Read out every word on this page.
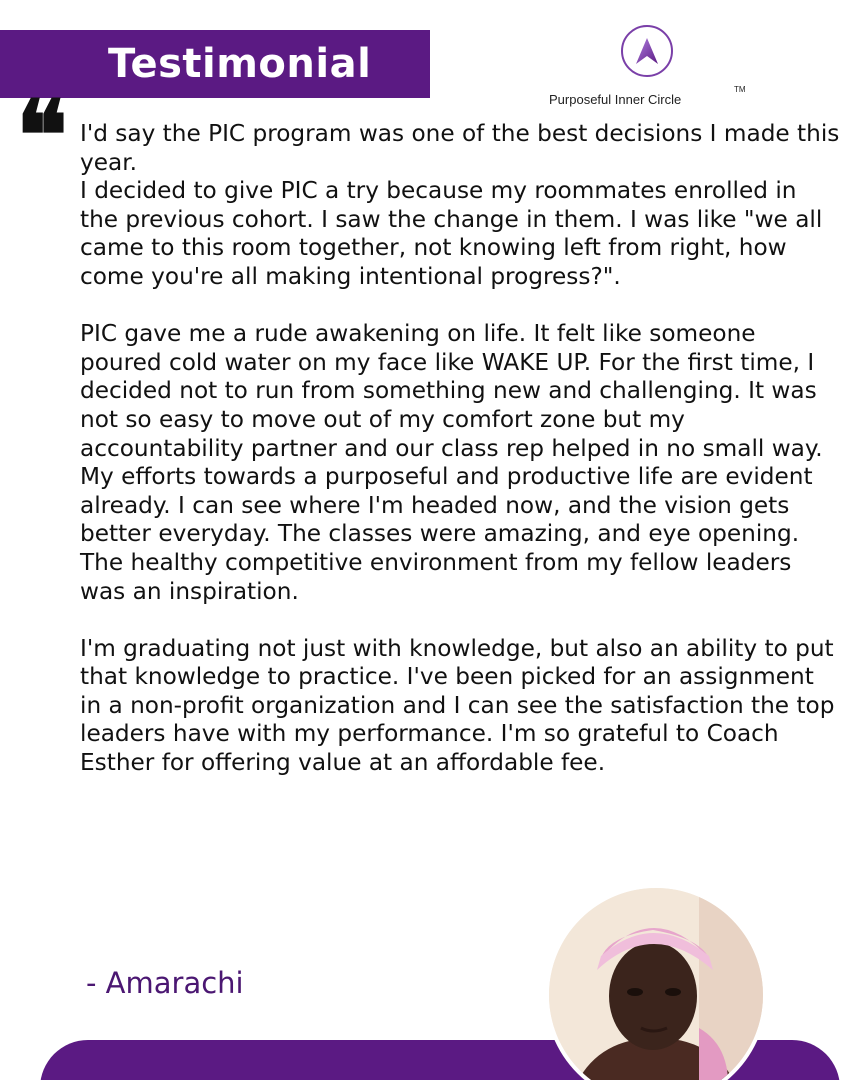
Testimonial
Purposeful Inner Circle
TM
❝ I'd say the PIC program was one of the best decisions I made this year.
I decided to give PIC a try because my roommates enrolled in the previous cohort. I saw the change in them. I was like "we all came to this room together, not knowing left from right, how come you're all making intentional progress?".

PIC gave me a rude awakening on life. It felt like someone poured cold water on my face like WAKE UP. For the first time, I decided not to run from something new and challenging. It was not so easy to move out of my comfort zone but my accountability partner and our class rep helped in no small way.
My efforts towards a purposeful and productive life are evident already. I can see where I'm headed now, and the vision gets better everyday. The classes were amazing, and eye opening. The healthy competitive environment from my fellow leaders was an inspiration.

I'm graduating not just with knowledge, but also an ability to put that knowledge to practice. I've been picked for an assignment in a non-profit organization and I can see the satisfaction the top leaders have with my performance. I'm so grateful to Coach Esther for offering value at an affordable fee.

- Amarachi
